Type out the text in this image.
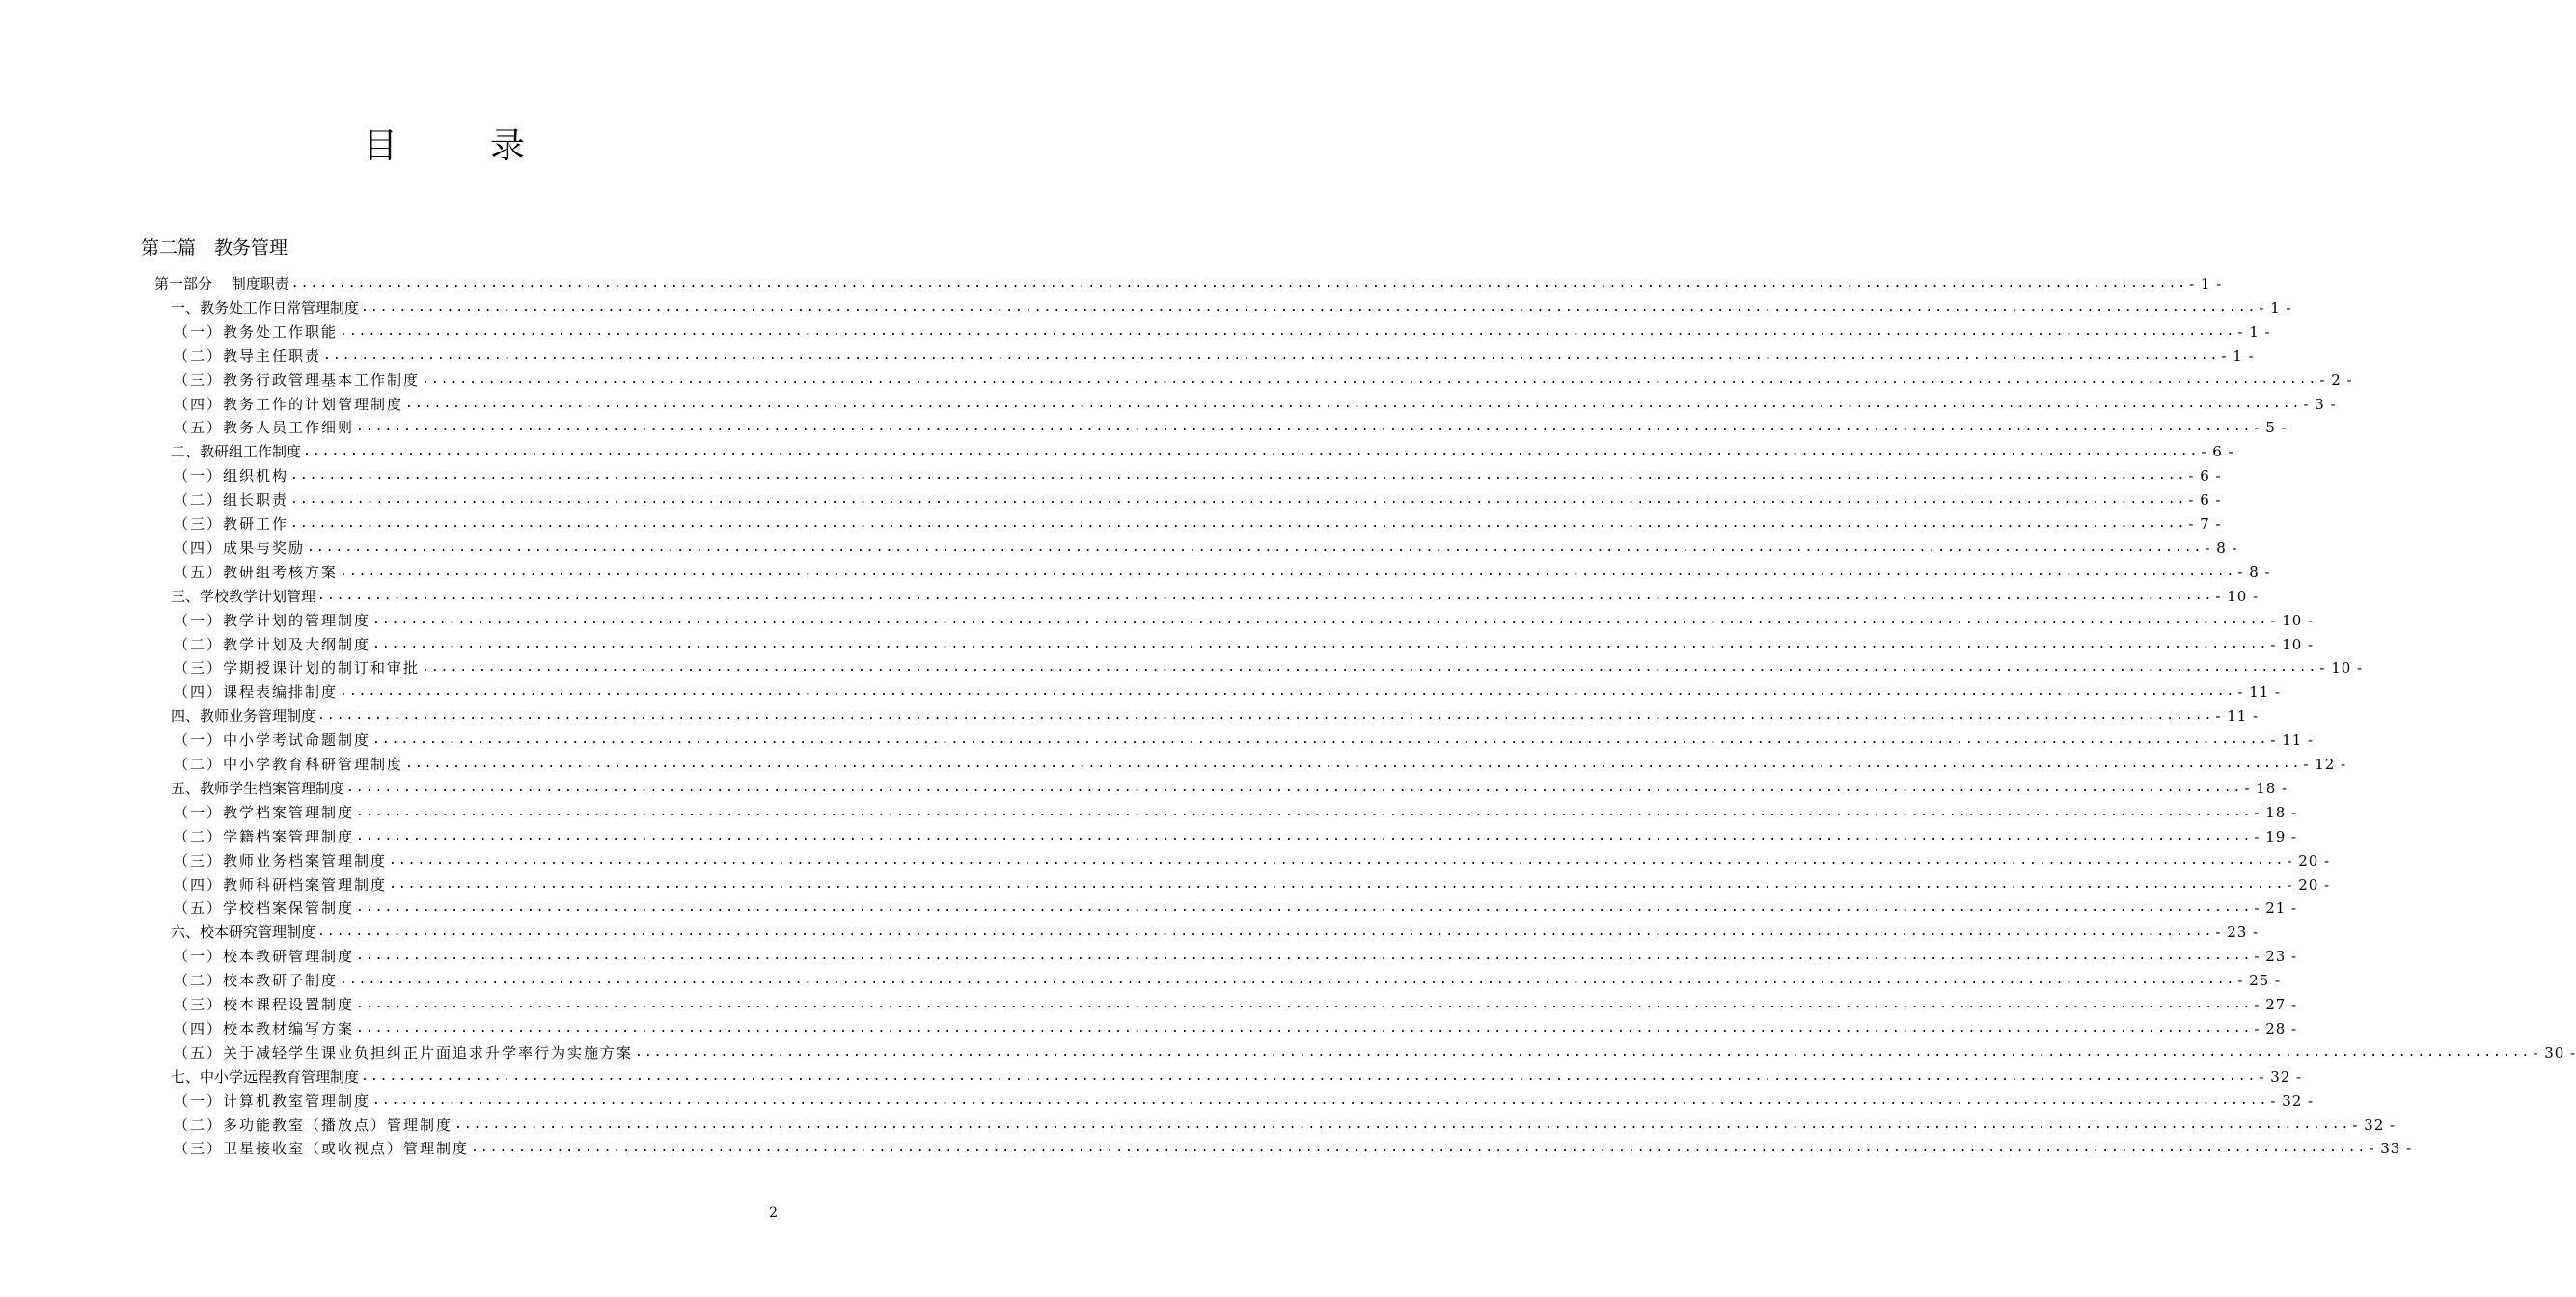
目　录
第二篇　教务管理
第一部分　 制度职责 ........................................................................................................................................................................................................ - 1 -
一、教务处工作日常管理制度 ........................................................................................................................................................................................................ - 1 -
（一）教务处工作职能 ........................................................................................................................................................................................................ - 1 -
（二）教导主任职责 ........................................................................................................................................................................................................ - 1 -
（三）教务行政管理基本工作制度 ........................................................................................................................................................................................................ - 2 -
（四）教务工作的计划管理制度 ........................................................................................................................................................................................................ - 3 -
（五）教务人员工作细则 ........................................................................................................................................................................................................ - 5 -
二、教研组工作制度 ........................................................................................................................................................................................................ - 6 -
（一）组织机构 ........................................................................................................................................................................................................ - 6 -
（二）组长职责 ........................................................................................................................................................................................................ - 6 -
（三）教研工作 ........................................................................................................................................................................................................ - 7 -
（四）成果与奖励 ........................................................................................................................................................................................................ - 8 -
（五）教研组考核方案 ........................................................................................................................................................................................................ - 8 -
三、学校教学计划管理 ........................................................................................................................................................................................................ - 10 -
（一）教学计划的管理制度 ........................................................................................................................................................................................................ - 10 -
（二）教学计划及大纲制度 ........................................................................................................................................................................................................ - 10 -
（三）学期授课计划的制订和审批 ........................................................................................................................................................................................................ - 10 -
（四）课程表编排制度 ........................................................................................................................................................................................................ - 11 -
四、教师业务管理制度 ........................................................................................................................................................................................................ - 11 -
（一）中小学考试命题制度 ........................................................................................................................................................................................................ - 11 -
（二）中小学教育科研管理制度 ........................................................................................................................................................................................................ - 12 -
五、教师学生档案管理制度 ........................................................................................................................................................................................................ - 18 -
（一）教学档案管理制度 ........................................................................................................................................................................................................ - 18 -
（二）学籍档案管理制度 ........................................................................................................................................................................................................ - 19 -
（三）教师业务档案管理制度 ........................................................................................................................................................................................................ - 20 -
（四）教师科研档案管理制度 ........................................................................................................................................................................................................ - 20 -
（五）学校档案保管制度 ........................................................................................................................................................................................................ - 21 -
六、校本研究管理制度 ........................................................................................................................................................................................................ - 23 -
（一）校本教研管理制度 ........................................................................................................................................................................................................ - 23 -
（二）校本教研子制度 ........................................................................................................................................................................................................ - 25 -
（三）校本课程设置制度 ........................................................................................................................................................................................................ - 27 -
（四）校本教材编写方案 ........................................................................................................................................................................................................ - 28 -
（五）关于减轻学生课业负担纠正片面追求升学率行为实施方案 ........................................................................................................................................................................................................ - 30 -
七、中小学远程教育管理制度 ........................................................................................................................................................................................................ - 32 -
（一）计算机教室管理制度 ........................................................................................................................................................................................................ - 32 -
（二）多功能教室（播放点）管理制度 ........................................................................................................................................................................................................ - 32 -
（三）卫星接收室（或收视点）管理制度 ........................................................................................................................................................................................................ - 33 -
2
